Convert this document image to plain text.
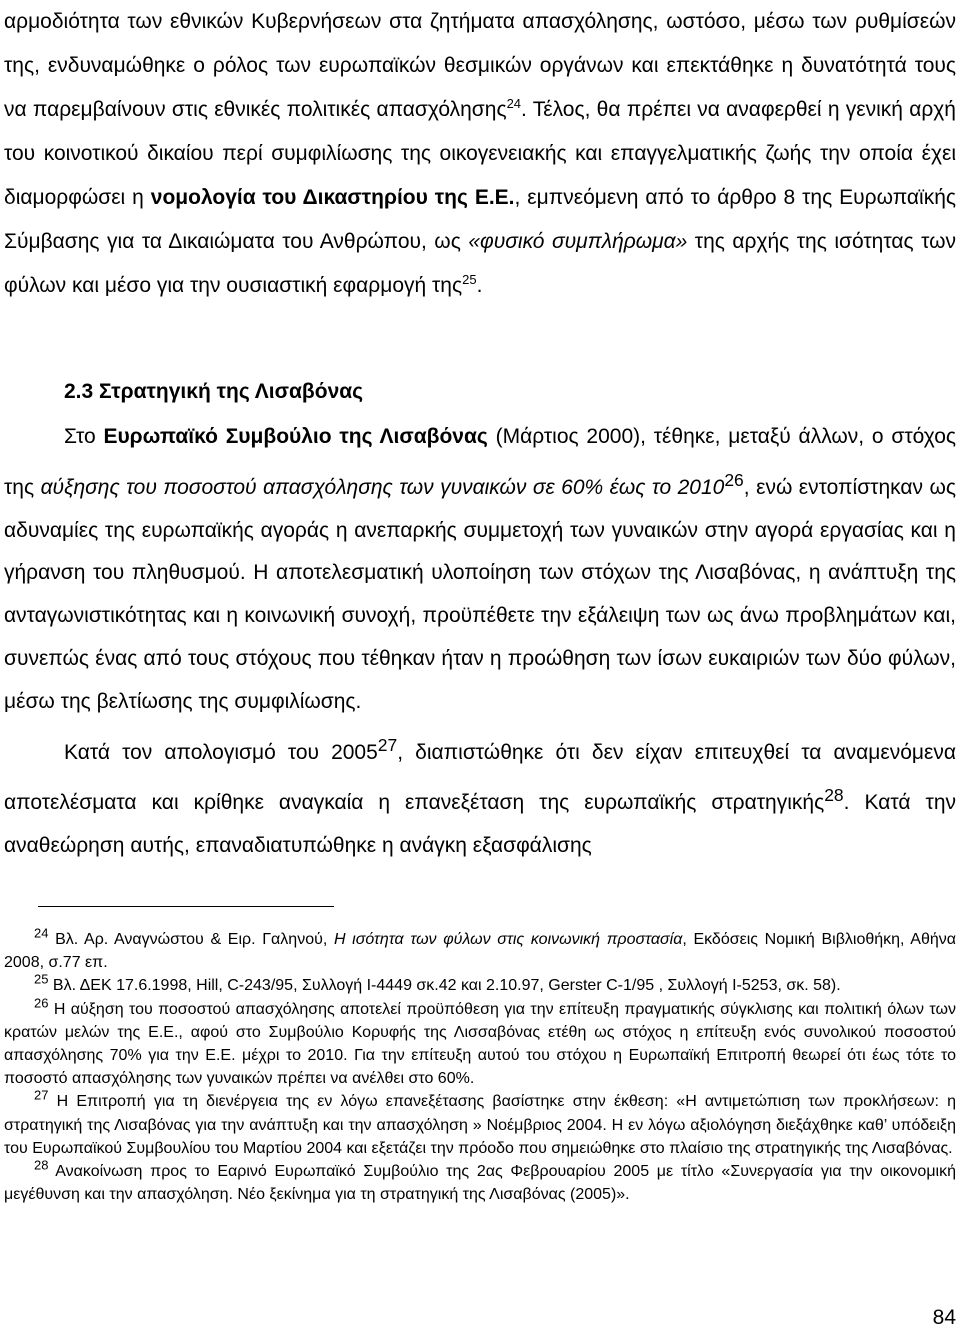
αρμοδιότητα των εθνικών Κυβερνήσεων στα ζητήματα απασχόλησης, ωστόσο, μέσω των ρυθμίσεών της, ενδυναμώθηκε ο ρόλος των ευρωπαϊκών θεσμικών οργάνων και επεκτάθηκε η δυνατότητά τους να παρεμβαίνουν στις εθνικές πολιτικές απασχόλησης$^{24}$. Τέλος, θα πρέπει να αναφερθεί η γενική αρχή του κοινοτικού δικαίου περί συμφιλίωσης της οικογενειακής και επαγγελματικής ζωής την οποία έχει διαμορφώσει η νομολογία του Δικαστηρίου της Ε.Ε., εμπνεόμενη από το άρθρο 8 της Ευρωπαϊκής Σύμβασης για τα Δικαιώματα του Ανθρώπου, ως «φυσικό συμπλήρωμα» της αρχής της ισότητας των φύλων και μέσο για την ουσιαστική εφαρμογή της$^{25}$.

2.3 Στρατηγική της Λισαβόνας

Στο Ευρωπαϊκό Συμβούλιο της Λισαβόνας (Μάρτιος 2000), τέθηκε, μεταξύ άλλων, ο στόχος της αύξησης του ποσοστού απασχόλησης των γυναικών σε 60% έως το 2010$^{26}$, ενώ εντοπίστηκαν ως αδυναμίες της ευρωπαϊκής αγοράς η ανεπαρκής συμμετοχή των γυναικών στην αγορά εργασίας και η γήρανση του πληθυσμού. Η αποτελεσματική υλοποίηση των στόχων της Λισαβόνας, η ανάπτυξη της ανταγωνιστικότητας και η κοινωνική συνοχή, προϋπέθετε την εξάλειψη των ως άνω προβλημάτων και, συνεπώς ένας από τους στόχους που τέθηκαν ήταν η προώθηση των ίσων ευκαιριών των δύο φύλων, μέσω της βελτίωσης της συμφιλίωσης.

Κατά τον απολογισμό του 2005$^{27}$, διαπιστώθηκε ότι δεν είχαν επιτευχθεί τα αναμενόμενα αποτελέσματα και κρίθηκε αναγκαία η επανεξέταση της ευρωπαϊκής στρατηγικής$^{28}$. Κατά την αναθεώρηση αυτής, επαναδιατυπώθηκε η ανάγκη εξασφάλισης

$^{24}$ Βλ. Αρ. Αναγνώστου & Ειρ. Γαληνού, Η ισότητα των φύλων στις κοινωνική προστασία, Εκδόσεις Νομική Βιβλιοθήκη, Αθήνα 2008, σ.77 επ.

$^{25}$ Βλ. ΔΕΚ 17.6.1998, Hill, C-243/95, Συλλογή I-4449 σκ.42 και 2.10.97, Gerster C-1/95 , Συλλογή I-5253, σκ. 58).

$^{26}$ Η αύξηση του ποσοστού απασχόλησης αποτελεί προϋπόθεση για την επίτευξη πραγματικής σύγκλισης και πολιτική όλων των κρατών μελών της Ε.Ε., αφού στο Συμβούλιο Κορυφής της Λισσαβόνας ετέθη ως στόχος η επίτευξη ενός συνολικού ποσοστού απασχόλησης 70% για την Ε.Ε. μέχρι το 2010. Για την επίτευξη αυτού του στόχου η Ευρωπαϊκή Επιτροπή θεωρεί ότι έως τότε το ποσοστό απασχόλησης των γυναικών πρέπει να ανέλθει στο 60%.

$^{27}$ Η Επιτροπή για τη διενέργεια της εν λόγω επανεξέτασης βασίστηκε στην έκθεση: «Η αντιμετώπιση των προκλήσεων: η στρατηγική της Λισαβόνας για την ανάπτυξη και την απασχόληση » Νοέμβριος 2004. Η εν λόγω αξιολόγηση διεξάχθηκε καθ’ υπόδειξη του Ευρωπαϊκού Συμβουλίου του Μαρτίου 2004 και εξετάζει την πρόοδο που σημειώθηκε στο πλαίσιο της στρατηγικής της Λισαβόνας.

$^{28}$ Ανακοίνωση προς το Εαρινό Ευρωπαϊκό Συμβούλιο της 2ας Φεβρουαρίου 2005 με τίτλο «Συνεργασία για την οικονομική μεγέθυνση και την απασχόληση. Νέο ξεκίνημα για τη στρατηγική της Λισαβόνας (2005)».

84
